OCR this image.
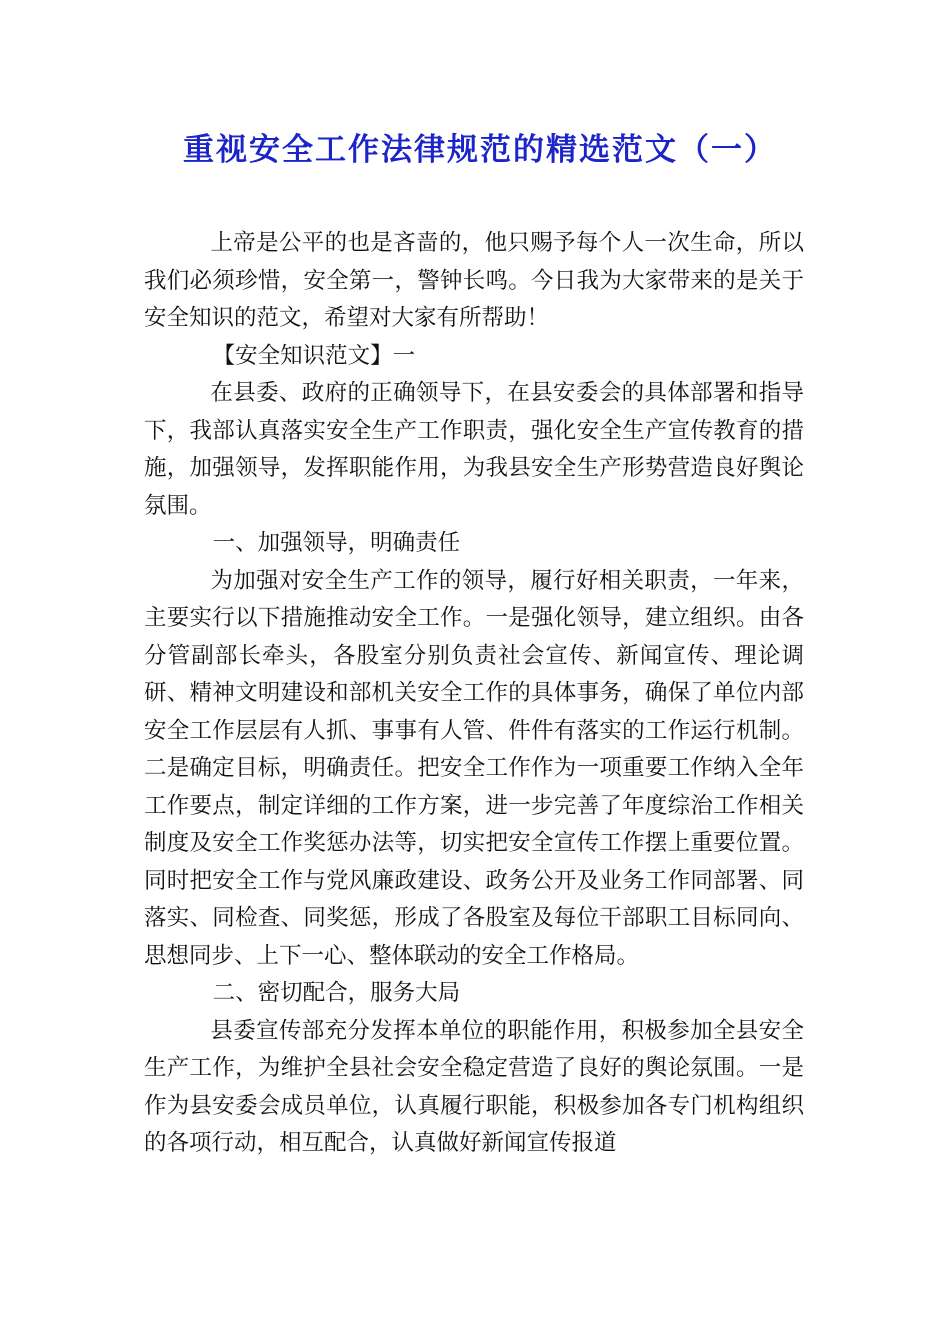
重视安全工作法律规范的精选范文（一）

上帝是公平的也是吝啬的，他只赐予每个人一次生命，所以我们必须珍惜，安全第一，警钟长鸣。今日我为大家带来的是关于安全知识的范文，希望对大家有所帮助！

【安全知识范文】一

在县委、政府的正确领导下，在县安委会的具体部署和指导下，我部认真落实安全生产工作职责，强化安全生产宣传教育的措施，加强领导，发挥职能作用，为我县安全生产形势营造良好舆论氛围。

一、加强领导，明确责任

为加强对安全生产工作的领导，履行好相关职责，一年来，主要实行以下措施推动安全工作。一是强化领导，建立组织。由各分管副部长牵头，各股室分别负责社会宣传、新闻宣传、理论调研、精神文明建设和部机关安全工作的具体事务，确保了单位内部安全工作层层有人抓、事事有人管、件件有落实的工作运行机制。二是确定目标，明确责任。把安全工作作为一项重要工作纳入全年工作要点，制定详细的工作方案，进一步完善了年度综治工作相关制度及安全工作奖惩办法等，切实把安全宣传工作摆上重要位置。同时把安全工作与党风廉政建设、政务公开及业务工作同部署、同落实、同检查、同奖惩，形成了各股室及每位干部职工目标同向、思想同步、上下一心、整体联动的安全工作格局。

二、密切配合，服务大局

县委宣传部充分发挥本单位的职能作用，积极参加全县安全生产工作，为维护全县社会安全稳定营造了良好的舆论氛围。一是作为县安委会成员单位，认真履行职能，积极参加各专门机构组织的各项行动，相互配合，认真做好新闻宣传报道
